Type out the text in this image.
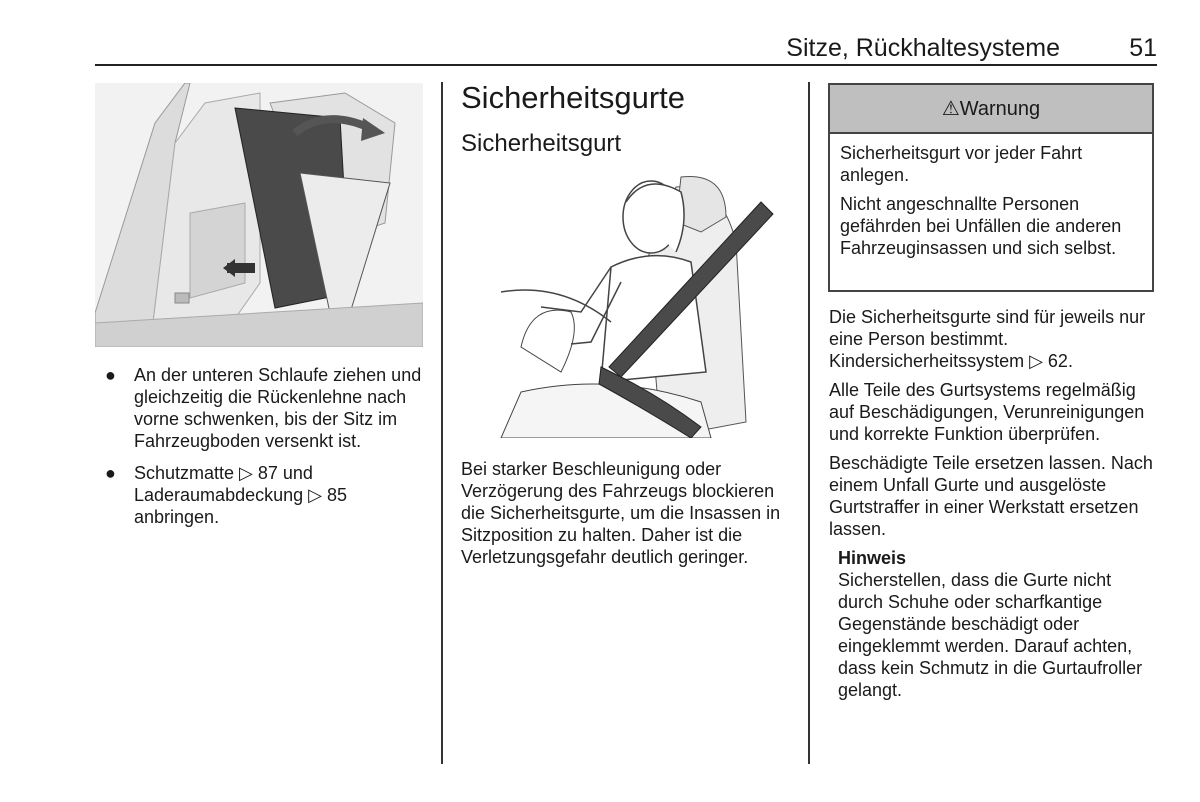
Sitze, Rückhaltesysteme	51
● An der unteren Schlaufe ziehen und gleichzeitig die Rückenlehne nach vorne schwenken, bis der Sitz im Fahrzeugboden versenkt ist.
● Schutzmatte ▷ 87 und Laderaumabdeckung ▷ 85 anbringen.
Sicherheitsgurte
Sicherheitsgurt

Bei starker Beschleunigung oder Verzögerung des Fahrzeugs blockieren die Sicherheitsgurte, um die Insassen in Sitzposition zu halten. Daher ist die Verletzungsgefahr deutlich geringer.

⚠Warnung

Sicherheitsgurt vor jeder Fahrt anlegen.

Nicht angeschnallte Personen gefährden bei Unfällen die anderen Fahrzeuginsassen und sich selbst.

Die Sicherheitsgurte sind für jeweils nur eine Person bestimmt. Kindersicherheitssystem ▷ 62.

Alle Teile des Gurtsystems regelmäßig auf Beschädigungen, Verunreinigungen und korrekte Funktion überprüfen.

Beschädigte Teile ersetzen lassen. Nach einem Unfall Gurte und ausgelöste Gurtstraffer in einer Werkstatt ersetzen lassen.

Hinweis
Sicherstellen, dass die Gurte nicht durch Schuhe oder scharfkantige Gegenstände beschädigt oder eingeklemmt werden. Darauf achten, dass kein Schmutz in die Gurtaufroller gelangt.
